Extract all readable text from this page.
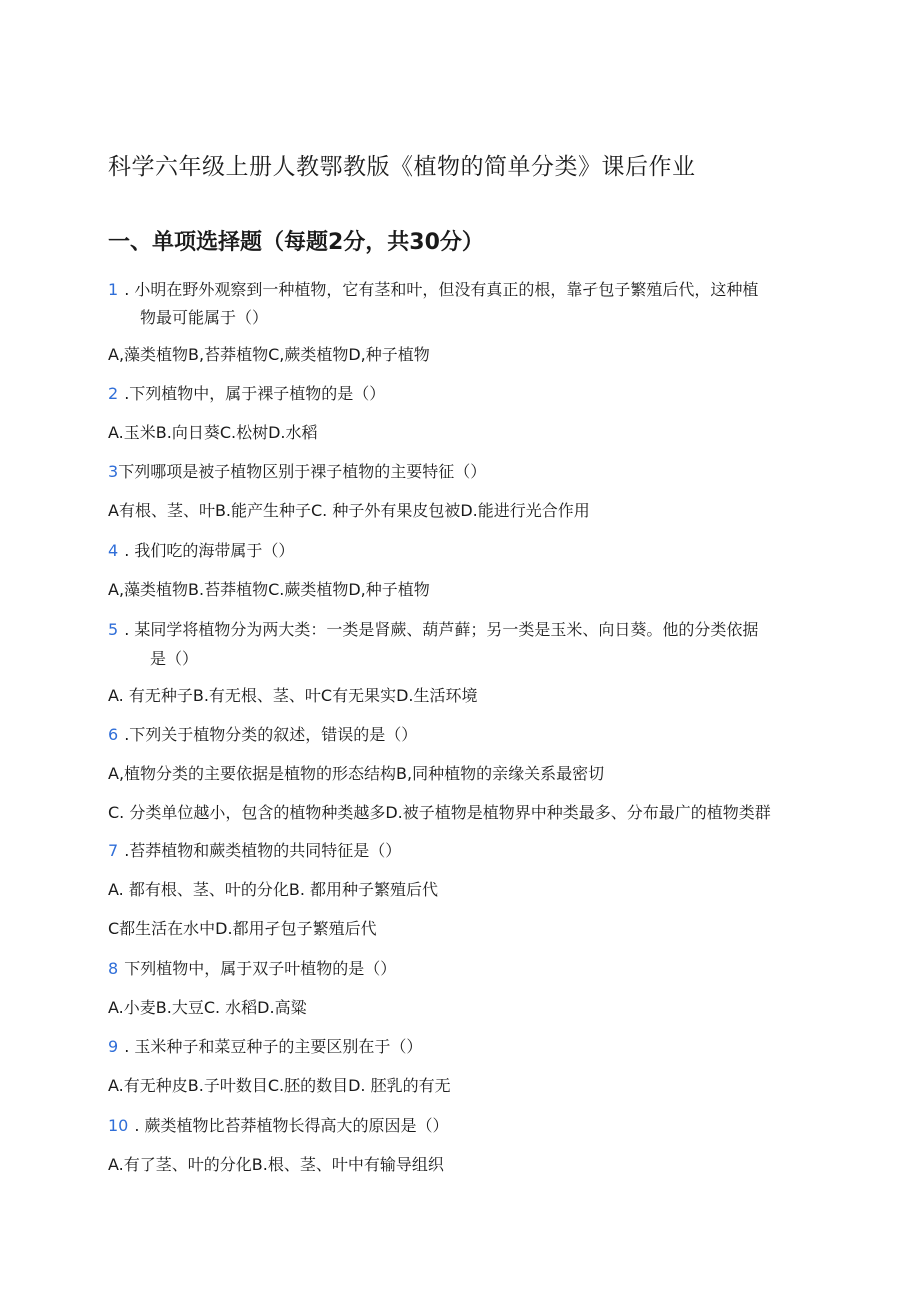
科学六年级上册人教鄂教版《植物的简单分类》课后作业
一、单项选择题（每题2分，共30分）
1 . 小明在野外观察到一种植物，它有茎和叶，但没有真正的根，靠孑包子繁殖后代，这种植
物最可能属于（）
A,藻类植物B,苔莽植物C,蕨类植物D,种子植物
2 .下列植物中，属于裸子植物的是（）
A.玉米B.向日葵C.松树D.水稻
3下列哪项是被子植物区别于裸子植物的主要特征（）
A有根、茎、叶B.能产生种子C. 种子外有果皮包被D.能进行光合作用
4 . 我们吃的海带属于（）
A,藻类植物B.苔莽植物C.蕨类植物D,种子植物
5 . 某同学将植物分为两大类：一类是肾蕨、葫芦藓；另一类是玉米、向日葵。他的分类依据
是（）
A. 有无种子B.有无根、茎、叶C有无果实D.生活环境
6 .下列关于植物分类的叙述，错误的是（）
A,植物分类的主要依据是植物的形态结构B,同种植物的亲缘关系最密切
C. 分类单位越小，包含的植物种类越多D.被子植物是植物界中种类最多、分布最广的植物类群
7 .苔莽植物和蕨类植物的共同特征是（）
A. 都有根、茎、叶的分化B. 都用种子繁殖后代
C都生活在水中D.都用孑包子繁殖后代
8 下列植物中，属于双子叶植物的是（）
A.小麦B.大豆C. 水稻D.高粱
9 . 玉米种子和菜豆种子的主要区别在于（）
A.有无种皮B.子叶数目C.胚的数目D. 胚乳的有无
10 . 蕨类植物比苔莽植物长得高大的原因是（）
A.有了茎、叶的分化B.根、茎、叶中有输导组织
